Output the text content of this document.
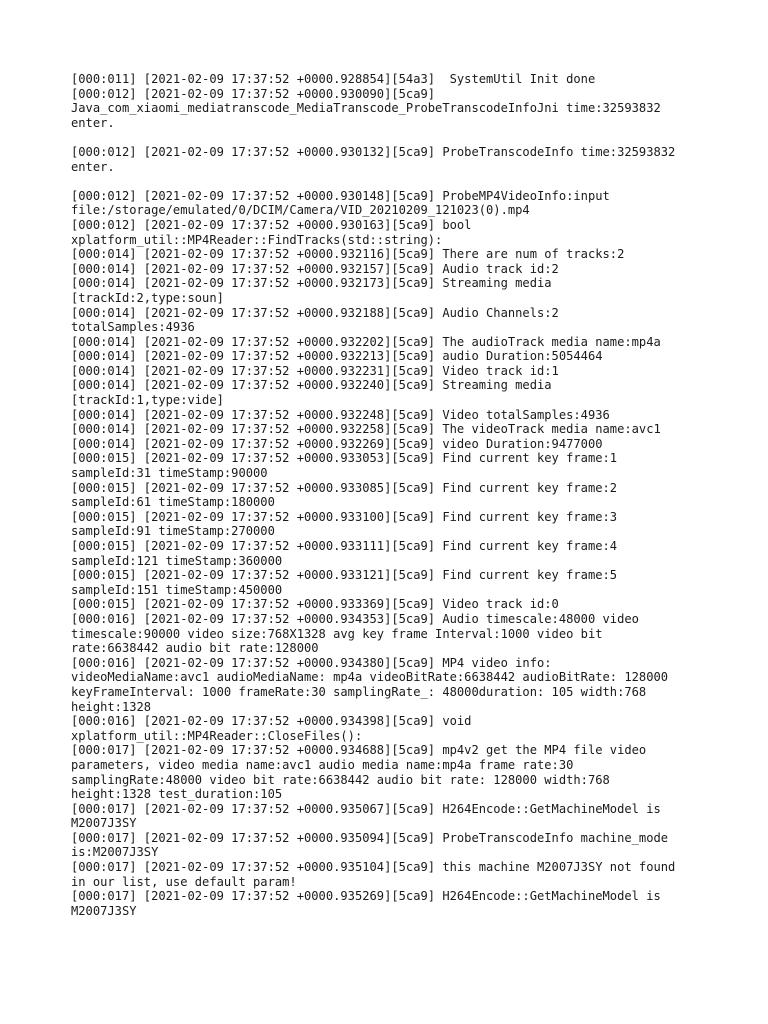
[000:011] [2021-02-09 17:37:52 +0000.928854][54a3]  SystemUtil Init done
[000:012] [2021-02-09 17:37:52 +0000.930090][5ca9]
Java_com_xiaomi_mediatranscode_MediaTranscode_ProbeTranscodeInfoJni time:32593832
enter.
[000:012] [2021-02-09 17:37:52 +0000.930132][5ca9] ProbeTranscodeInfo time:32593832
enter.
[000:012] [2021-02-09 17:37:52 +0000.930148][5ca9] ProbeMP4VideoInfo:input
file:/storage/emulated/0/DCIM/Camera/VID_20210209_121023(0).mp4
[000:012] [2021-02-09 17:37:52 +0000.930163][5ca9] bool
xplatform_util::MP4Reader::FindTracks(std::string):
[000:014] [2021-02-09 17:37:52 +0000.932116][5ca9] There are num of tracks:2
[000:014] [2021-02-09 17:37:52 +0000.932157][5ca9] Audio track id:2
[000:014] [2021-02-09 17:37:52 +0000.932173][5ca9] Streaming media
[trackId:2,type:soun]
[000:014] [2021-02-09 17:37:52 +0000.932188][5ca9] Audio Channels:2
totalSamples:4936
[000:014] [2021-02-09 17:37:52 +0000.932202][5ca9] The audioTrack media name:mp4a
[000:014] [2021-02-09 17:37:52 +0000.932213][5ca9] audio Duration:5054464
[000:014] [2021-02-09 17:37:52 +0000.932231][5ca9] Video track id:1
[000:014] [2021-02-09 17:37:52 +0000.932240][5ca9] Streaming media
[trackId:1,type:vide]
[000:014] [2021-02-09 17:37:52 +0000.932248][5ca9] Video totalSamples:4936
[000:014] [2021-02-09 17:37:52 +0000.932258][5ca9] The videoTrack media name:avc1
[000:014] [2021-02-09 17:37:52 +0000.932269][5ca9] video Duration:9477000
[000:015] [2021-02-09 17:37:52 +0000.933053][5ca9] Find current key frame:1
sampleId:31 timeStamp:90000
[000:015] [2021-02-09 17:37:52 +0000.933085][5ca9] Find current key frame:2
sampleId:61 timeStamp:180000
[000:015] [2021-02-09 17:37:52 +0000.933100][5ca9] Find current key frame:3
sampleId:91 timeStamp:270000
[000:015] [2021-02-09 17:37:52 +0000.933111][5ca9] Find current key frame:4
sampleId:121 timeStamp:360000
[000:015] [2021-02-09 17:37:52 +0000.933121][5ca9] Find current key frame:5
sampleId:151 timeStamp:450000
[000:015] [2021-02-09 17:37:52 +0000.933369][5ca9] Video track id:0
[000:016] [2021-02-09 17:37:52 +0000.934353][5ca9] Audio timescale:48000 video
timescale:90000 video size:768X1328 avg key frame Interval:1000 video bit
rate:6638442 audio bit rate:128000
[000:016] [2021-02-09 17:37:52 +0000.934380][5ca9] MP4 video info:
videoMediaName:avc1 audioMediaName: mp4a videoBitRate:6638442 audioBitRate: 128000
keyFrameInterval: 1000 frameRate:30 samplingRate_: 48000duration: 105 width:768
height:1328
[000:016] [2021-02-09 17:37:52 +0000.934398][5ca9] void
xplatform_util::MP4Reader::CloseFiles():
[000:017] [2021-02-09 17:37:52 +0000.934688][5ca9] mp4v2 get the MP4 file video
parameters, video media name:avc1 audio media name:mp4a frame rate:30
samplingRate:48000 video bit rate:6638442 audio bit rate: 128000 width:768
height:1328 test_duration:105
[000:017] [2021-02-09 17:37:52 +0000.935067][5ca9] H264Encode::GetMachineModel is
M2007J3SY
[000:017] [2021-02-09 17:37:52 +0000.935094][5ca9] ProbeTranscodeInfo machine_mode
is:M2007J3SY
[000:017] [2021-02-09 17:37:52 +0000.935104][5ca9] this machine M2007J3SY not found
in our list, use default param!
[000:017] [2021-02-09 17:37:52 +0000.935269][5ca9] H264Encode::GetMachineModel is
M2007J3SY
